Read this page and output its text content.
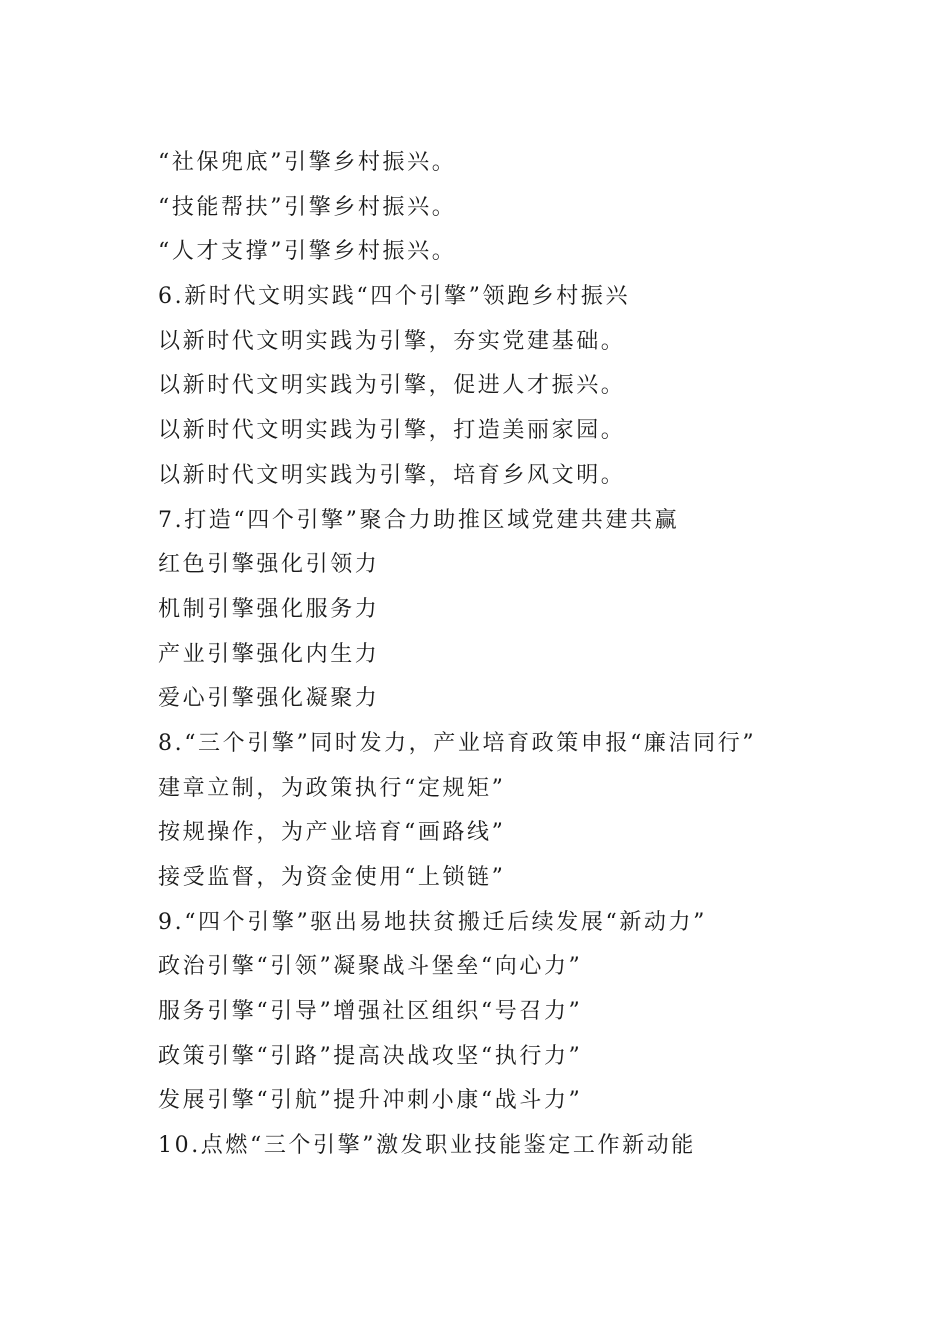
“社保兜底”引擎乡村振兴。
“技能帮扶”引擎乡村振兴。
“人才支撑”引擎乡村振兴。
6.新时代文明实践“四个引擎”领跑乡村振兴
以新时代文明实践为引擎，夯实党建基础。
以新时代文明实践为引擎，促进人才振兴。
以新时代文明实践为引擎，打造美丽家园。
以新时代文明实践为引擎，培育乡风文明。
7.打造“四个引擎”聚合力助推区域党建共建共赢
红色引擎强化引领力
机制引擎强化服务力
产业引擎强化内生力
爱心引擎强化凝聚力
8.“三个引擎”同时发力，产业培育政策申报“廉洁同行”
建章立制，为政策执行“定规矩”
按规操作，为产业培育“画路线”
接受监督，为资金使用“上锁链”
9.“四个引擎”驱出易地扶贫搬迁后续发展“新动力”
政治引擎“引领”凝聚战斗堡垒“向心力”
服务引擎“引导”增强社区组织“号召力”
政策引擎“引路”提高决战攻坚“执行力”
发展引擎“引航”提升冲刺小康“战斗力”
10.点燃“三个引擎”激发职业技能鉴定工作新动能
